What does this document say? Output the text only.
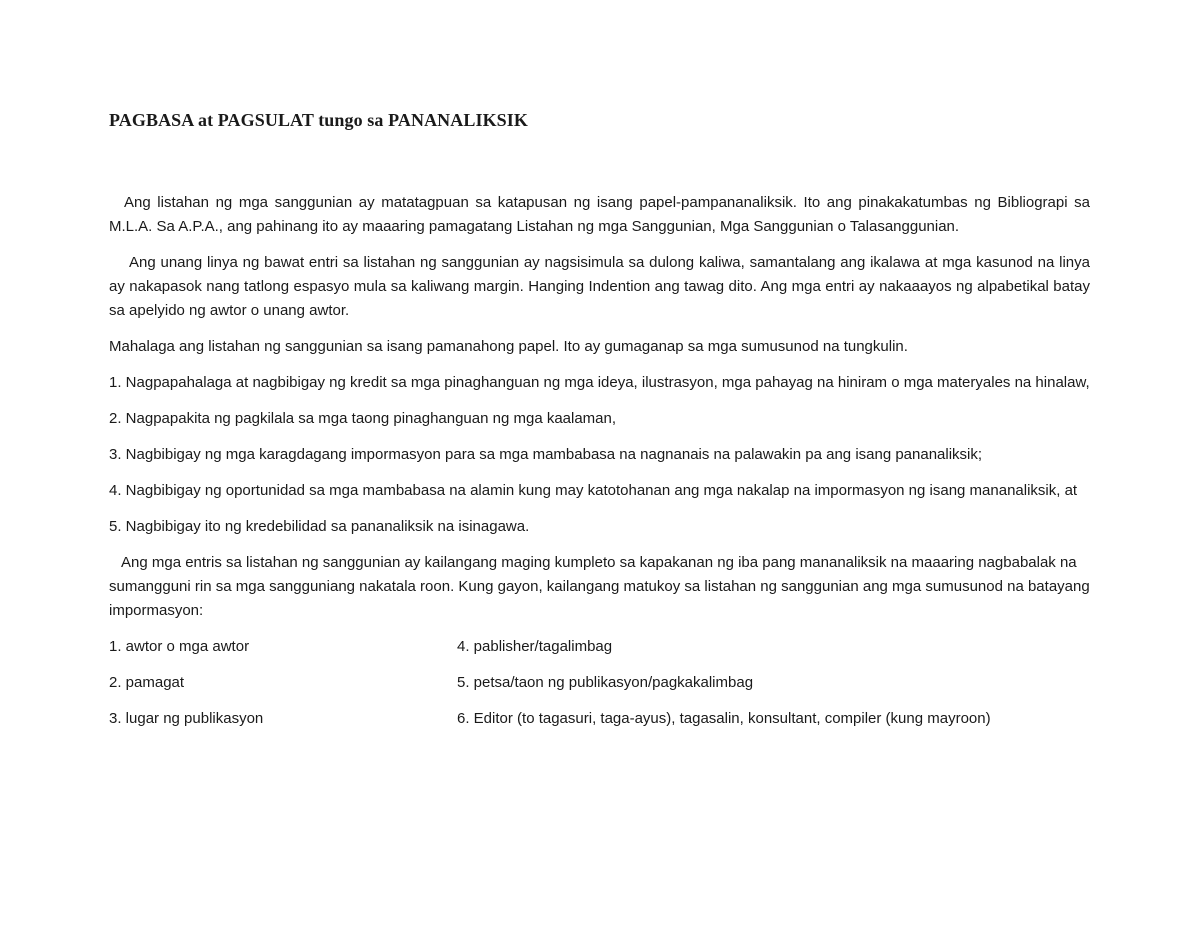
PAGBASA at PAGSULAT tungo sa PANANALIKSIK

Ang listahan ng mga sanggunian ay matatagpuan sa katapusan ng isang papel-pampananaliksik. Ito ang pinakakatumbas ng Bibliograpi sa M.L.A. Sa A.P.A., ang pahinang ito ay maaaring pamagatang Listahan ng mga Sanggunian, Mga Sanggunian o Talasanggunian.

Ang unang linya ng bawat entri sa listahan ng sanggunian ay nagsisimula sa dulong kaliwa, samantalang ang ikalawa at mga kasunod na linya ay nakapasok nang tatlong espasyo mula sa kaliwang margin. Hanging Indention ang tawag dito. Ang mga entri ay nakaaayos ng alpabetikal batay sa apelyido ng awtor o unang awtor.

Mahalaga ang listahan ng sanggunian sa isang pamanahong papel. Ito ay gumaganap sa mga sumusunod na tungkulin.

1. Nagpapahalaga at nagbibigay ng kredit sa mga pinaghanguan ng mga ideya, ilustrasyon, mga pahayag na hiniram o mga materyales na hinalaw,

2. Nagpapakita ng pagkilala sa mga taong pinaghanguan ng mga kaalaman,

3. Nagbibigay ng mga karagdagang impormasyon para sa mga mambabasa na nagnanais na palawakin pa ang isang pananaliksik;

4. Nagbibigay ng oportunidad sa mga mambabasa na alamin kung may katotohanan ang mga nakalap na impormasyon ng isang mananaliksik, at

5. Nagbibigay ito ng kredebilidad sa pananaliksik na isinagawa.

Ang mga entris sa listahan ng sanggunian ay kailangang maging kumpleto sa kapakanan ng iba pang mananaliksik na maaaring nagbabalak na sumangguni rin sa mga sangguniang nakatala roon. Kung gayon, kailangang matukoy sa listahan ng sanggunian ang mga sumusunod na batayang impormasyon:

1. awtor o mga awtor	4. pablisher/tagalimbag
2. pamagat	5. petsa/taon ng publikasyon/pagkakalimbag
3. lugar ng publikasyon	6. Editor (to tagasuri, taga-ayus), tagasalin, konsultant, compiler (kung mayroon)
